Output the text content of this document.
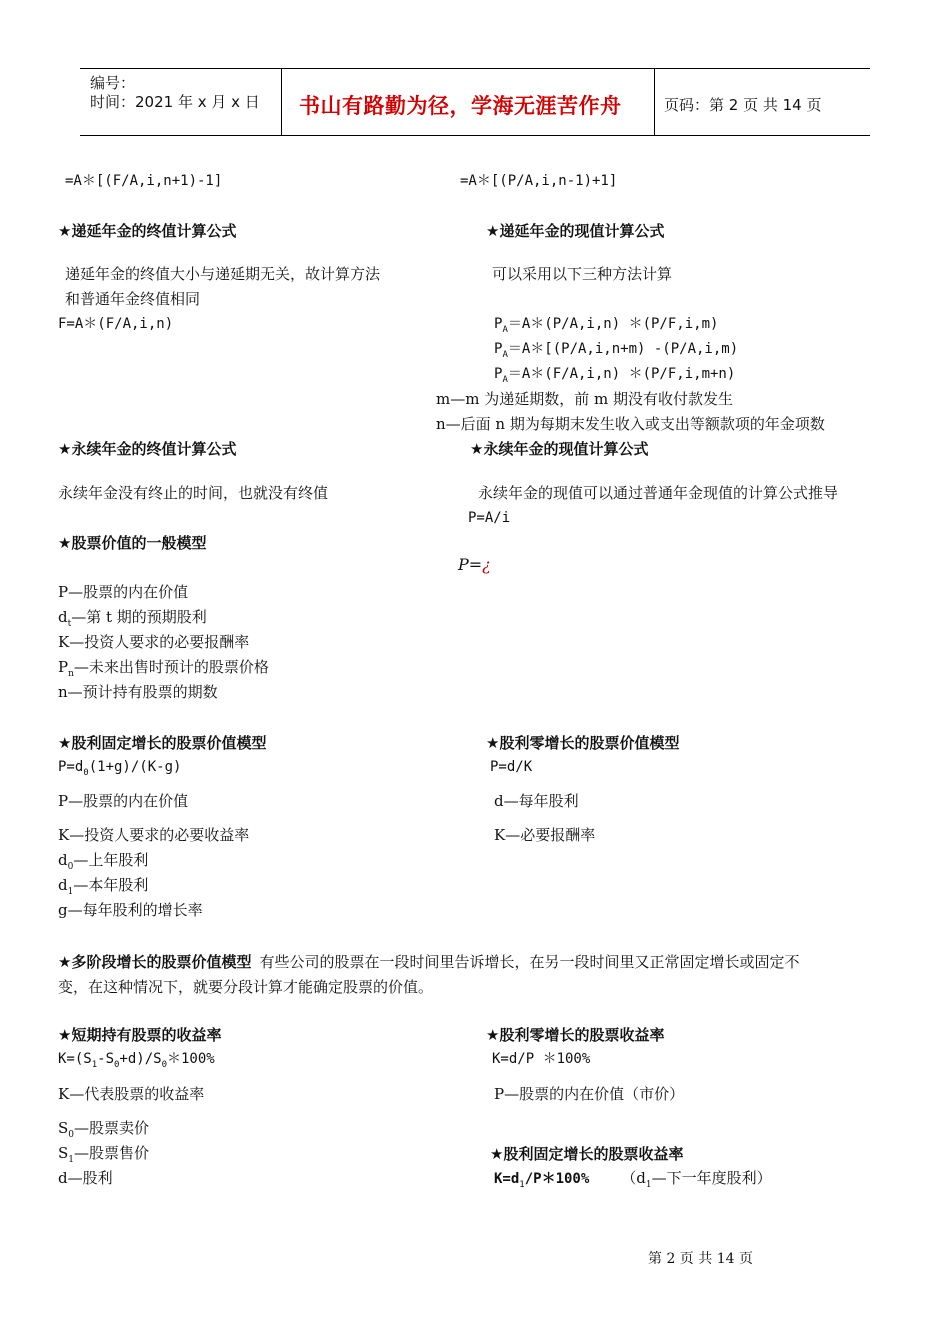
编号：
时间：2021 年 x 月 x 日 书山有路勤为径，学海无涯苦作舟	页码：第 2 页 共 14 页
=A＊[(F/A,i,n+1)-1]	=A＊[(P/A,i,n-1)+1]
★递延年金的终值计算公式
递延年金的终值大小与递延期无关，故计算方法
和普通年金终值相同
F=A＊(F/A,i,n)
★递延年金的现值计算公式
可以采用以下三种方法计算
$P_A=A*(P/A,i,n)$ ＊(P/F,i,m)
$P_A=A*[(P/A,i,n+m)$ -(P/A,i,m)
$P_A=A*(F/A,i,n)$ ＊(P/F,i,m+n)
m—m 为递延期数，前 m 期没有收付款发生
n—后面 n 期为每期末发生收入或支出等额款项的年金项数
★永续年金的终值计算公式
永续年金没有终止的时间，也就没有终值
★永续年金的现值计算公式
永续年金的现值可以通过普通年金现值的计算公式推导
P=A/i
★股票价值的一般模型
P=¿
P—股票的内在价值
$d_t—$第 t 期的预期股利
K—投资人要求的必要报酬率
$P_n—$未来出售时预计的股票价格
n—预计持有股票的期数
★股利固定增长的股票价值模型
$P=d_0(1+g)/(K-g)$
P—股票的内在价值
K—投资人要求的必要收益率
$d_0—$上年股利
$d_1—$本年股利
g—每年股利的增长率
★股利零增长的股票价值模型
P=d/K
d—每年股利
K—必要报酬率
★多阶段增长的股票价值模型 有些公司的股票在一段时间里告诉增长，在另一段时间里又正常固定增长或固定不
变，在这种情况下，就要分段计算才能确定股票的价值。
★短期持有股票的收益率
$K=(S_1-S_0+d)/S_0*100\%$
K—代表股票的收益率
$S_0—$股票卖价
$S_1—$股票售价
d—股利
★股利零增长的股票收益率
K=d/P ＊100%
P—股票的内在价值（市价）
★股利固定增长的股票收益率
$K=d_1/P*100\%$ （$d_1—$下一年度股利）
第 2 页 共 14 页
